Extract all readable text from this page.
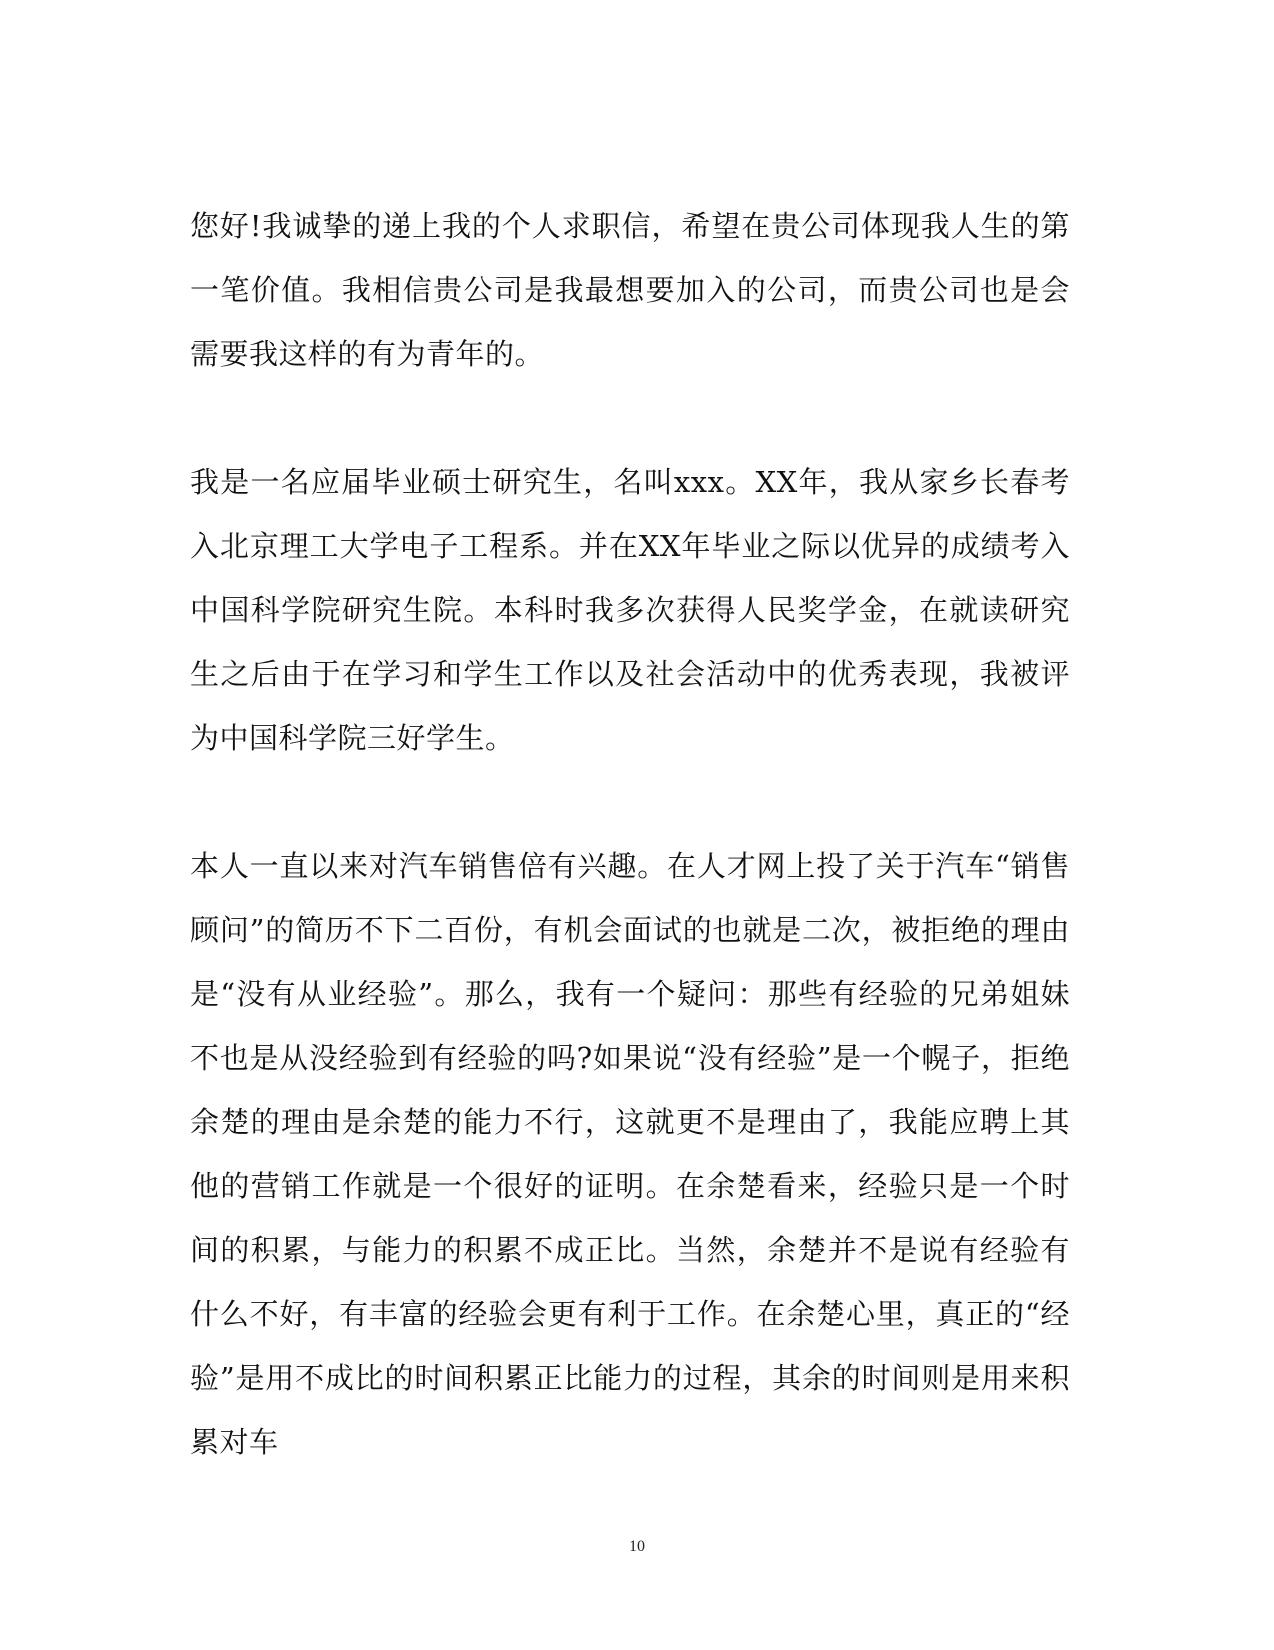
您好!我诚挚的递上我的个人求职信，希望在贵公司体现我人生的第一笔价值。我相信贵公司是我最想要加入的公司，而贵公司也是会需要我这样的有为青年的。

我是一名应届毕业硕士研究生，名叫xxx。XX年，我从家乡长春考入北京理工大学电子工程系。并在XX年毕业之际以优异的成绩考入中国科学院研究生院。本科时我多次获得人民奖学金，在就读研究生之后由于在学习和学生工作以及社会活动中的优秀表现，我被评为中国科学院三好学生。

本人一直以来对汽车销售倍有兴趣。在人才网上投了关于汽车“销售顾问”的简历不下二百份，有机会面试的也就是二次，被拒绝的理由是“没有从业经验”。那么，我有一个疑问：那些有经验的兄弟姐妹不也是从没经验到有经验的吗?如果说“没有经验”是一个幌子，拒绝余楚的理由是余楚的能力不行，这就更不是理由了，我能应聘上其他的营销工作就是一个很好的证明。在余楚看来，经验只是一个时间的积累，与能力的积累不成正比。当然，余楚并不是说有经验有什么不好，有丰富的经验会更有利于工作。在余楚心里，真正的“经验”是用不成比的时间积累正比能力的过程，其余的时间则是用来积累对车

10
